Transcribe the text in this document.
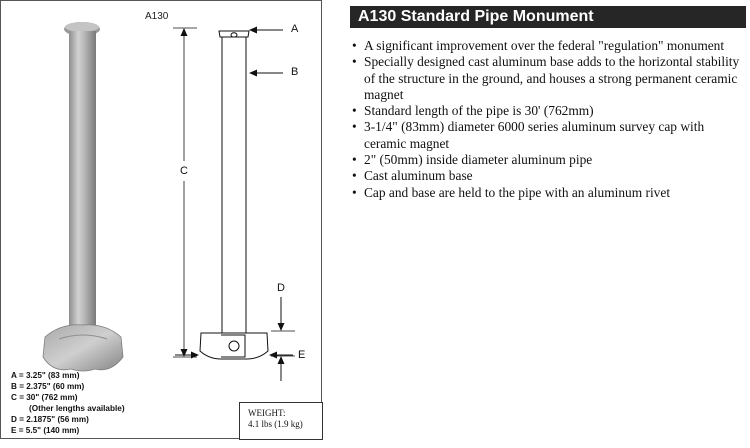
A130
A
B
C
D
E
A = 3.25" (83 mm)
B = 2.375" (60 mm)
C = 30" (762 mm)
(Other lengths available)
D = 2.1875" (56 mm)
E = 5.5" (140 mm)
WEIGHT:
4.1 lbs (1.9 kg)
A130 Standard Pipe Monument
• A significant improvement over the federal "regulation" monument
• Specially designed cast aluminum base adds to the horizontal stability of the structure in the ground, and houses a strong permanent ceramic magnet
• Standard length of the pipe is 30' (762mm)
• 3-1/4" (83mm) diameter 6000 series aluminum survey cap with ceramic magnet
• 2" (50mm) inside diameter aluminum pipe
• Cast aluminum base
• Cap and base are held to the pipe with an aluminum rivet
